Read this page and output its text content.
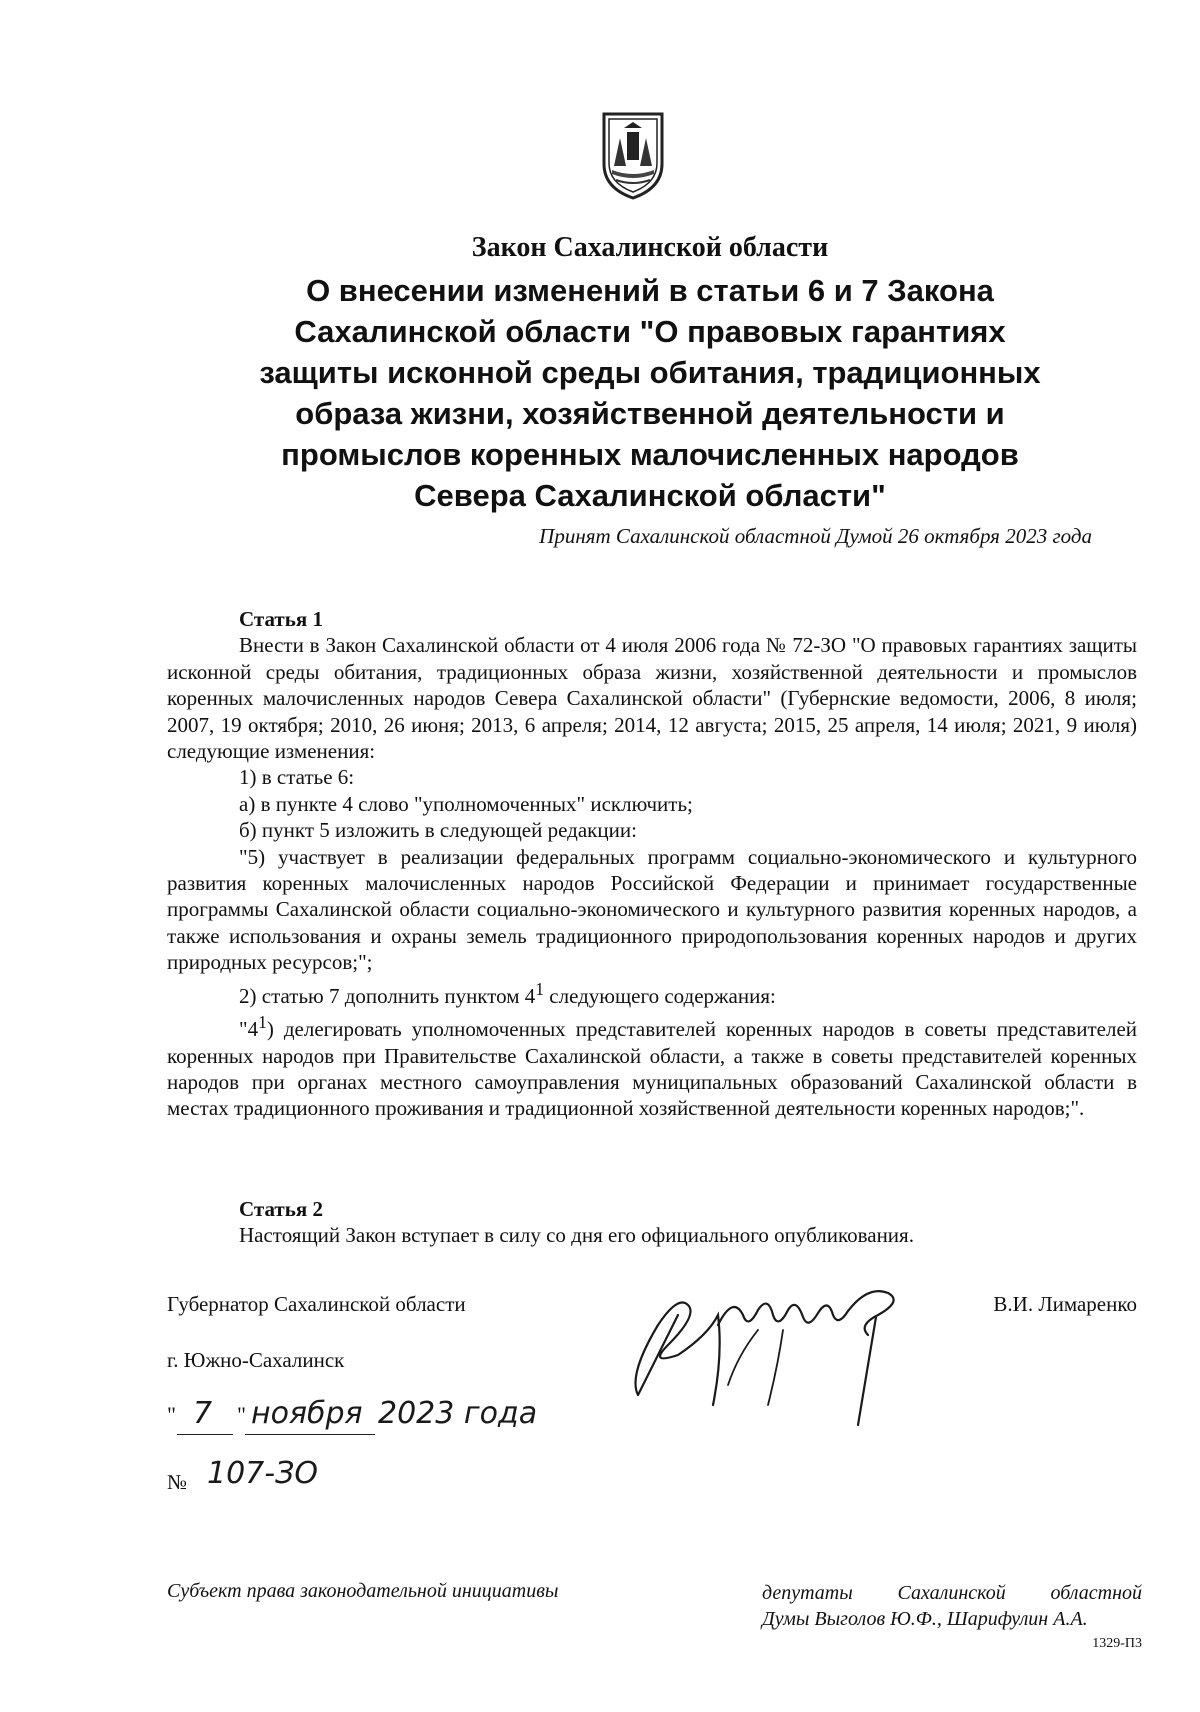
Закон Сахалинской области
О внесении изменений в статьи 6 и 7 Закона
Сахалинской области "О правовых гарантиях
защиты исконной среды обитания, традиционных
образа жизни, хозяйственной деятельности и
промыслов коренных малочисленных народов
Севера Сахалинской области"
Принят Сахалинской областной Думой 26 октября 2023 года
Статья 1
Внести в Закон Сахалинской области от 4 июля 2006 года № 72-ЗО "О правовых гарантиях защиты исконной среды обитания, традиционных образа жизни, хозяйственной деятельности и промыслов коренных малочисленных народов Севера Сахалинской области" (Губернские ведомости, 2006, 8 июля; 2007, 19 октября; 2010, 26 июня; 2013, 6 апреля; 2014, 12 августа; 2015, 25 апреля, 14 июля; 2021, 9 июля) следующие изменения:
1) в статье 6:
а) в пункте 4 слово "уполномоченных" исключить;
б) пункт 5 изложить в следующей редакции:
"5) участвует в реализации федеральных программ социально-экономического и культурного развития коренных малочисленных народов Российской Федерации и принимает государственные программы Сахалинской области социально-экономического и культурного развития коренных народов, а также использования и охраны земель традиционного природопользования коренных народов и других природных ресурсов;";
2) статью 7 дополнить пунктом $4^1$ следующего содержания:
"$4^1$) делегировать уполномоченных представителей коренных народов в советы представителей коренных народов при Правительстве Сахалинской области, а также в советы представителей коренных народов при органах местного самоуправления муниципальных образований Сахалинской области в местах традиционного проживания и традиционной хозяйственной деятельности коренных народов;".
Статья 2
Настоящий Закон вступает в силу со дня его официального опубликования.
Губернатор Сахалинской области	В.И. Лимаренко
г. Южно-Сахалинск
" 7 " ноября 2023 года
№ 107-ЗО
Субъект права законодательной инициативы	депутаты Сахалинской областной
Думы Выголов Ю.Ф., Шарифулин А.А.
1329-П3
